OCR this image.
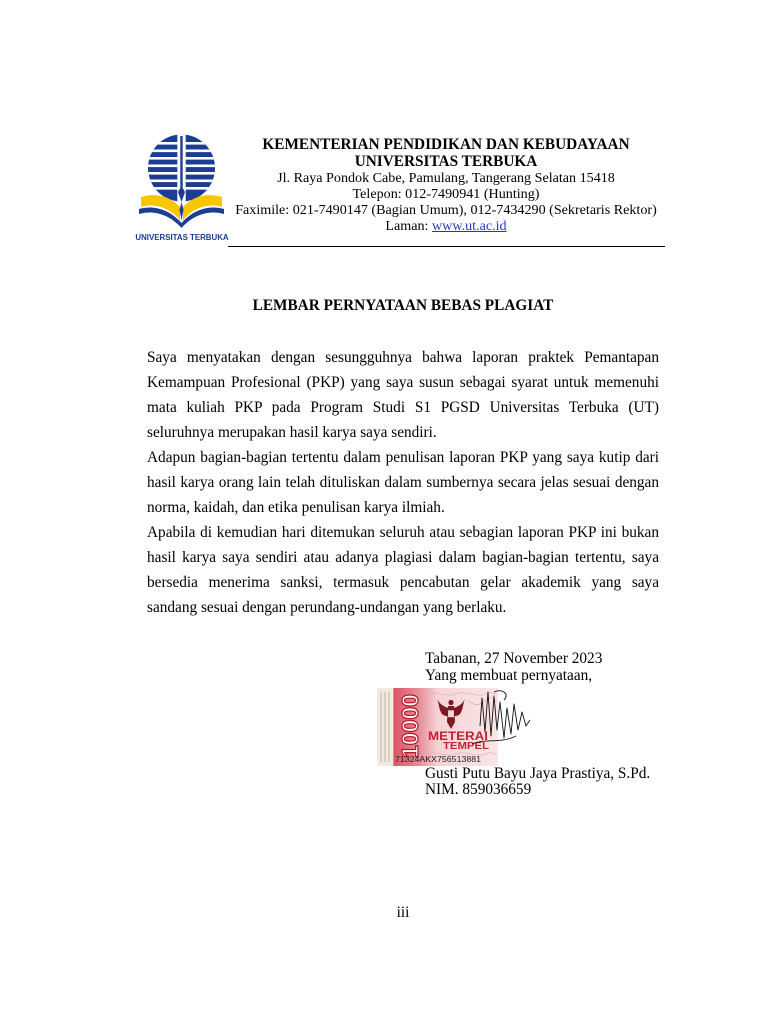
UNIVERSITAS TERBUKA
KEMENTERIAN PENDIDIKAN DAN KEBUDAYAAN
UNIVERSITAS TERBUKA
Jl. Raya Pondok Cabe, Pamulang, Tangerang Selatan 15418
Telepon: 012-7490941 (Hunting)
Faximile: 021-7490147 (Bagian Umum), 012-7434290 (Sekretaris Rektor)
Laman: www.ut.ac.id
LEMBAR PERNYATAAN BEBAS PLAGIAT
Saya menyatakan dengan sesungguhnya bahwa laporan praktek Pemantapan
Kemampuan Profesional (PKP) yang saya susun sebagai syarat untuk memenuhi
mata kuliah PKP pada Program Studi S1 PGSD Universitas Terbuka (UT)
seluruhnya merupakan hasil karya saya sendiri.
Adapun bagian-bagian tertentu dalam penulisan laporan PKP yang saya kutip dari
hasil karya orang lain telah dituliskan dalam sumbernya secara jelas sesuai dengan
norma, kaidah, dan etika penulisan karya ilmiah.
Apabila di kemudian hari ditemukan seluruh atau sebagian laporan PKP ini bukan
hasil karya saya sendiri atau adanya plagiasi dalam bagian-bagian tertentu, saya
bersedia menerima sanksi, termasuk pencabutan gelar akademik yang saya
sandang sesuai dengan perundang-undangan yang berlaku.
Tabanan, 27 November 2023
Yang membuat pernyataan,
10000 METERAI
TEMPEL
71324AKX756513881
Gusti Putu Bayu Jaya Prastiya, S.Pd.
NIM. 859036659
iii
